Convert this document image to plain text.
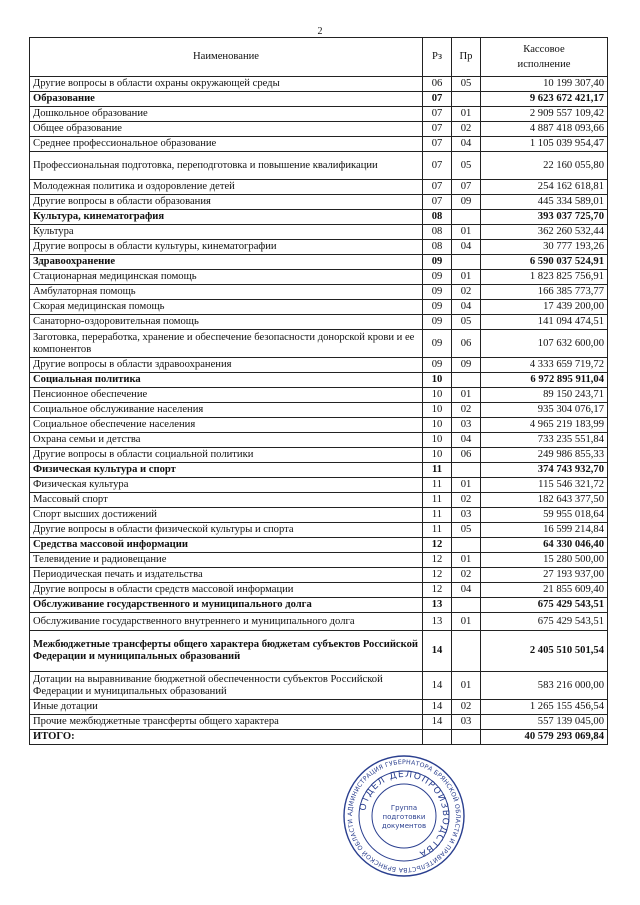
2
Наименование	Рз	Пр	Кассовое
исполнение
Другие вопросы в области охраны окружающей среды	06	05	10 199 307,40
Образование	07		9 623 672 421,17
Дошкольное образование	07	01	2 909 557 109,42
Общее образование	07	02	4 887 418 093,66
Среднее профессиональное образование	07	04	1 105 039 954,47
Профессиональная подготовка, переподготовка и повышение квалификации	07	05	22 160 055,80
Молодежная политика и оздоровление детей	07	07	254 162 618,81
Другие вопросы в области образования	07	09	445 334 589,01
Культура, кинематография	08		393 037 725,70
Культура	08	01	362 260 532,44
Другие вопросы в области культуры, кинематографии	08	04	30 777 193,26
Здравоохранение	09		6 590 037 524,91
Стационарная медицинская помощь	09	01	1 823 825 756,91
Амбулаторная помощь	09	02	166 385 773,77
Скорая медицинская помощь	09	04	17 439 200,00
Санаторно-оздоровительная помощь	09	05	141 094 474,51
Заготовка, переработка, хранение и обеспечение безопасности донорской крови и ее компонентов	09	06	107 632 600,00
Другие вопросы в области здравоохранения	09	09	4 333 659 719,72
Социальная политика	10		6 972 895 911,04
Пенсионное обеспечение	10	01	89 150 243,71
Социальное обслуживание населения	10	02	935 304 076,17
Социальное обеспечение населения	10	03	4 965 219 183,99
Охрана семьи и детства	10	04	733 235 551,84
Другие вопросы в области социальной политики	10	06	249 986 855,33
Физическая культура и спорт	11		374 743 932,70
Физическая культура	11	01	115 546 321,72
Массовый спорт	11	02	182 643 377,50
Спорт высших достижений	11	03	59 955 018,64
Другие вопросы в области физической культуры и спорта	11	05	16 599 214,84
Средства массовой информации	12		64 330 046,40
Телевидение и радиовещание	12	01	15 280 500,00
Периодическая печать и издательства	12	02	27 193 937,00
Другие вопросы в области средств массовой информации	12	04	21 855 609,40
Обслуживание государственного и муниципального долга	13		675 429 543,51
Обслуживание государственного внутреннего и муниципального долга	13	01	675 429 543,51
Межбюджетные трансферты общего характера бюджетам субъектов Российской Федерации и муниципальных образований	14		2 405 510 501,54
Дотации на выравнивание бюджетной обеспеченности субъектов Российской Федерации и муниципальных образований	14	01	583 216 000,00
Иные дотации	14	02	1 265 155 456,54
Прочие межбюджетные трансферты общего характера	14	03	557 139 045,00
ИТОГО:			40 579 293 069,84
АДМИНИСТРАЦИЯ ГУБЕРНАТОРА БРЯНСКОЙ ОБЛАСТИ И ПРАВИТЕЛЬСТВА БРЯНСКОЙ ОБЛАСТИ
ОТДЕЛ ДЕЛОПРОИЗВОДСТВА
Группа
подготовки
документов
